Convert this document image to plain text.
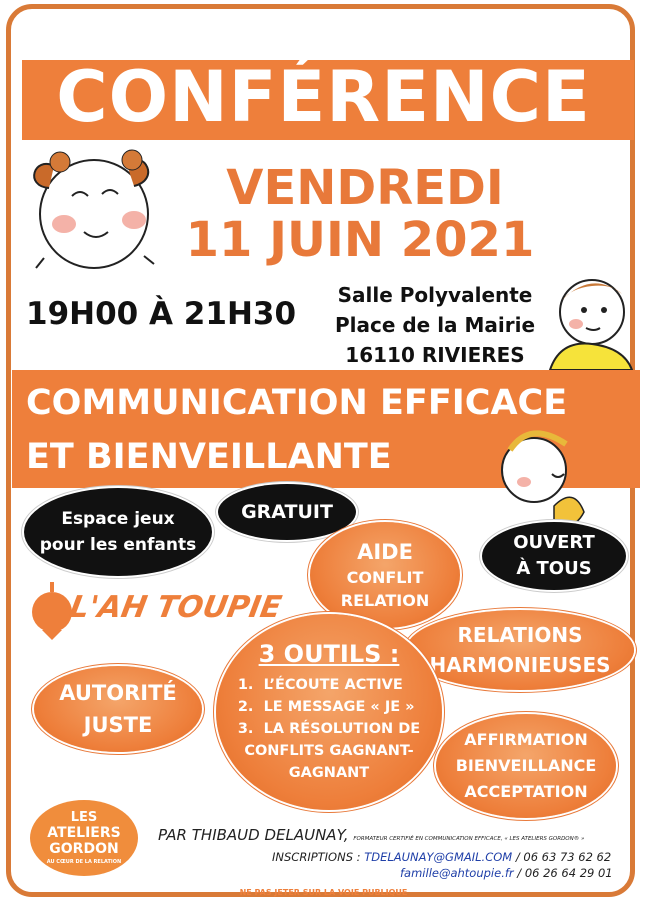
CONFÉRENCE
VENDREDI
11 JUIN 2021
19H00 À 21H30
Salle Polyvalente
Place de la Mairie
16110 RIVIERES
COMMUNICATION EFFICACE
ET BIENVEILLANTE
Espace jeux
pour les enfants
GRATUIT
OUVERT
À TOUS
L'AH TOUPIE
AIDE
CONFLIT
RELATION
RELATIONS
HARMONIEUSES
3 OUTILS :
1. L’ÉCOUTE ACTIVE
2. LE MESSAGE « JE »
3. LA RÉSOLUTION DE
CONFLITS GAGNANT-
GAGNANT
AUTORITÉ
JUSTE
AFFIRMATION
BIENVEILLANCE
ACCEPTATION
LES
ATELIERS
GORDON
AU CŒUR DE LA RELATION
PAR THIBAUD DELAUNAY, FORMATEUR CERTIFIÉ EN COMMUNICATION EFFICACE, « LES ATELIERS GORDON® »
INSCRIPTIONS : TDELAUNAY@GMAIL.COM / 06 63 73 62 62
famille@ahtoupie.fr / 06 26 64 29 01
NE PAS JETER SUR LA VOIE PUBLIQUE
